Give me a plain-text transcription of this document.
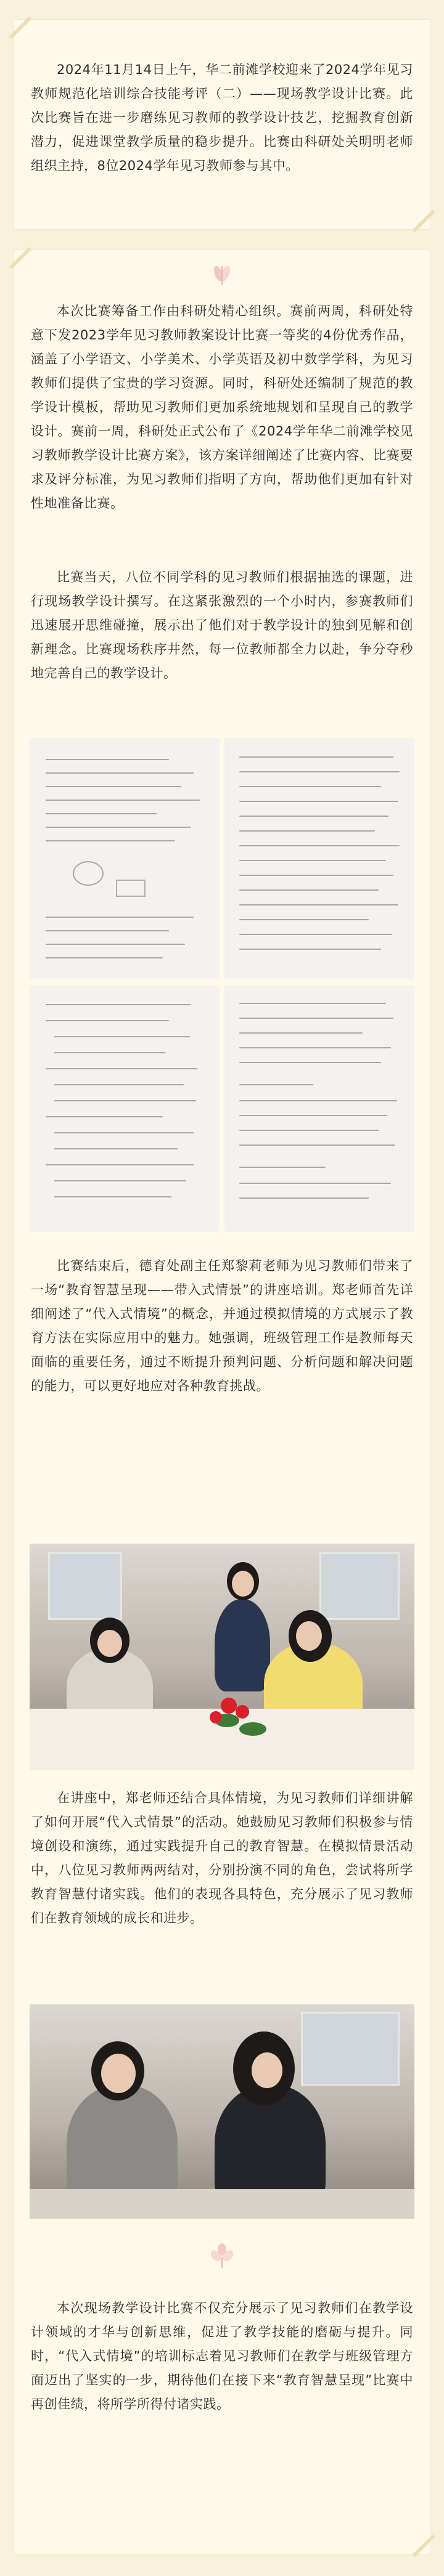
2024年11月14日上午，华二前滩学校迎来了2024学年见习教师规范化培训综合技能考评（二）——现场教学设计比赛。此次比赛旨在进一步磨练见习教师的教学设计技艺，挖掘教育创新潜力，促进课堂教学质量的稳步提升。比赛由科研处关明明老师组织主持，8位2024学年见习教师参与其中。
本次比赛筹备工作由科研处精心组织。赛前两周，科研处特意下发2023学年见习教师教案设计比赛一等奖的4份优秀作品，涵盖了小学语文、小学美术、小学英语及初中数学学科，为见习教师们提供了宝贵的学习资源。同时，科研处还编制了规范的教学设计模板，帮助见习教师们更加系统地规划和呈现自己的教学设计。赛前一周，科研处正式公布了《2024学年华二前滩学校见习教师教学设计比赛方案》，该方案详细阐述了比赛内容、比赛要求及评分标准，为见习教师们指明了方向，帮助他们更加有针对性地准备比赛。
比赛当天，八位不同学科的见习教师们根据抽选的课题，进行现场教学设计撰写。在这紧张激烈的一个小时内，参赛教师们迅速展开思维碰撞，展示出了他们对于教学设计的独到见解和创新理念。比赛现场秩序井然，每一位教师都全力以赴，争分夺秒地完善自己的教学设计。
比赛结束后，德育处副主任郑黎莉老师为见习教师们带来了一场“教育智慧呈现——带入式情景”的讲座培训。郑老师首先详细阐述了“代入式情境”的概念，并通过模拟情境的方式展示了教育方法在实际应用中的魅力。她强调，班级管理工作是教师每天面临的重要任务，通过不断提升预判问题、分析问题和解决问题的能力，可以更好地应对各种教育挑战。
在讲座中，郑老师还结合具体情境，为见习教师们详细讲解了如何开展“代入式情景”的活动。她鼓励见习教师们积极参与情境创设和演练，通过实践提升自己的教育智慧。在模拟情景活动中，八位见习教师两两结对，分别扮演不同的角色，尝试将所学教育智慧付诸实践。他们的表现各具特色，充分展示了见习教师们在教育领域的成长和进步。
本次现场教学设计比赛不仅充分展示了见习教师们在教学设计领域的才华与创新思维，促进了教学技能的磨砺与提升。同时，“代入式情境”的培训标志着见习教师们在教学与班级管理方面迈出了坚实的一步，期待他们在接下来“教育智慧呈现”比赛中再创佳绩，将所学所得付诸实践。
